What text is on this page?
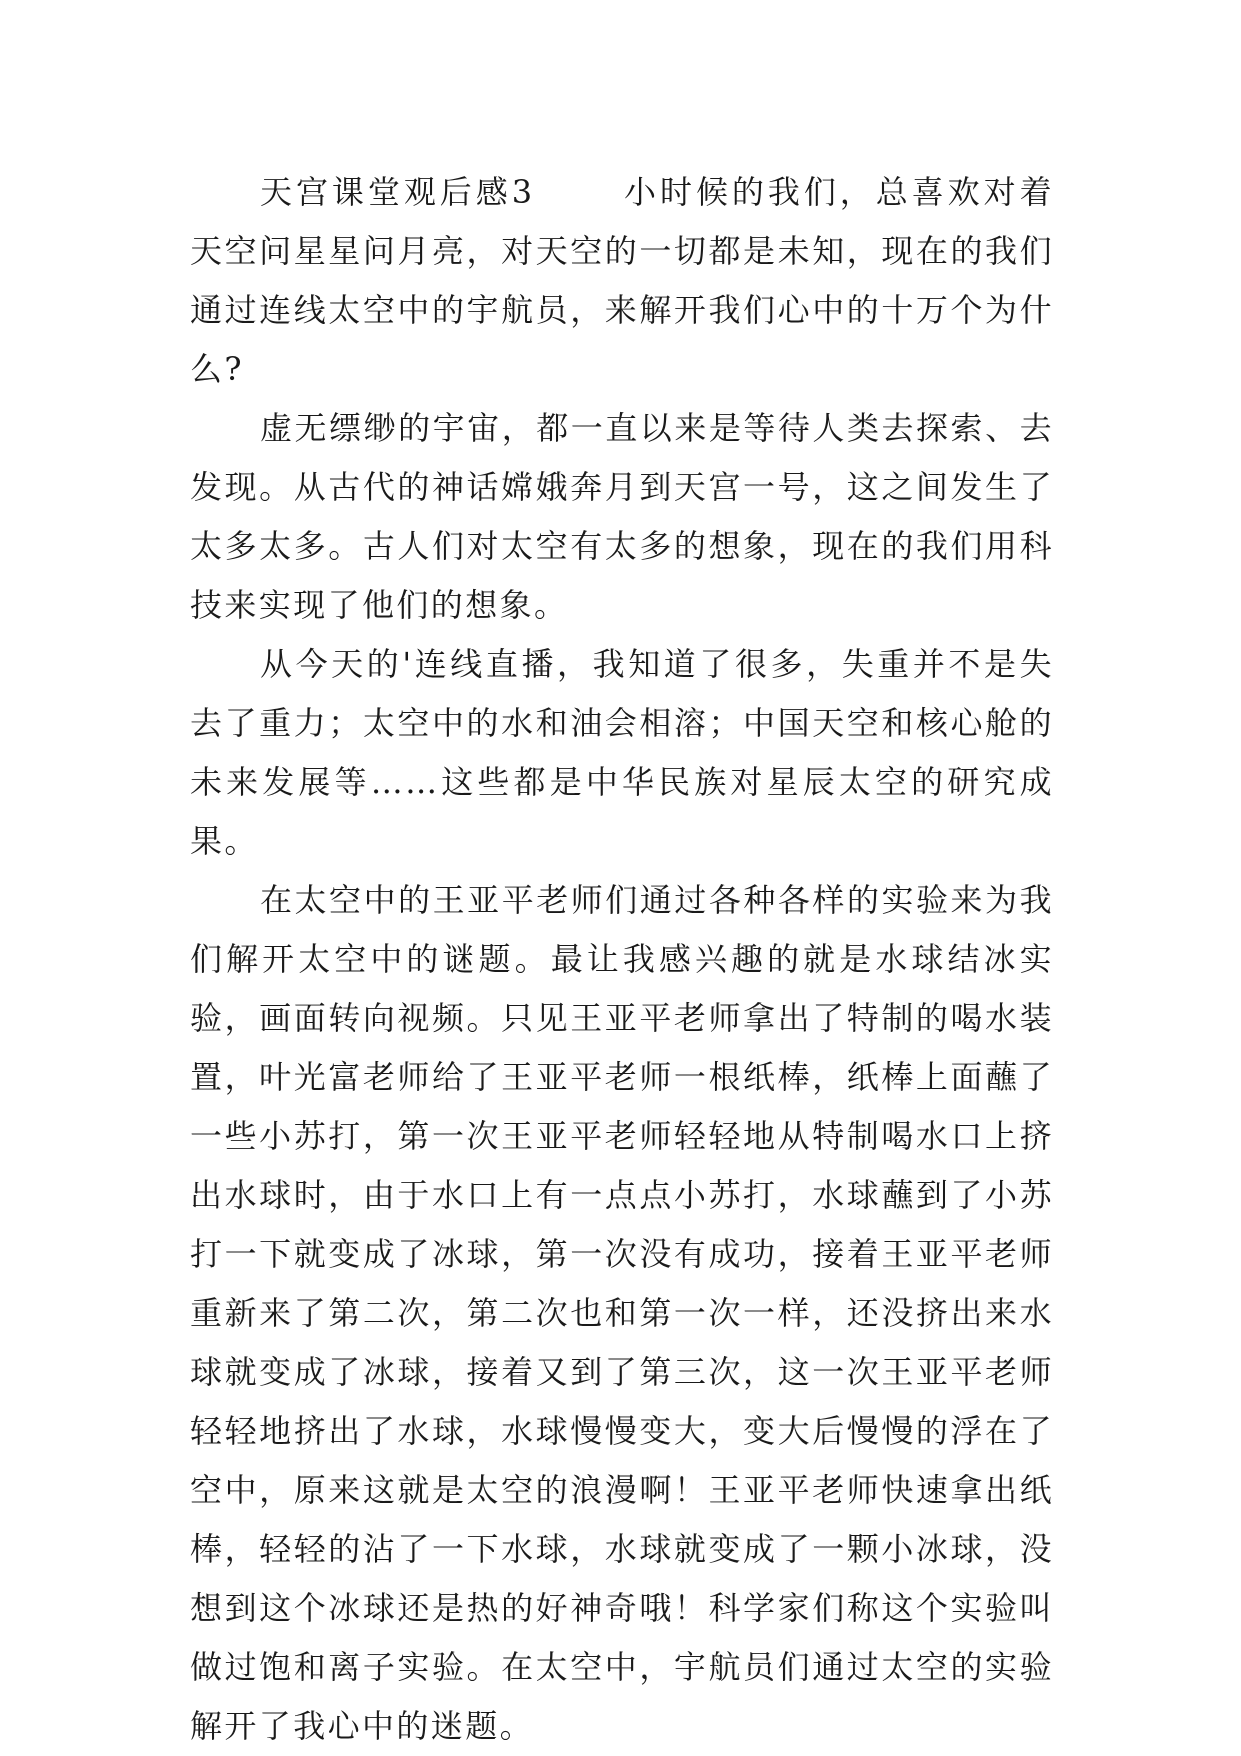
天宫课堂观后感3	小时候的我们，总喜欢对着天空问星星问月亮，对天空的一切都是未知，现在的我们通过连线太空中的宇航员，来解开我们心中的十万个为什么?

虚无缥缈的宇宙，都一直以来是等待人类去探索、去发现。从古代的神话嫦娥奔月到天宫一号，这之间发生了太多太多。古人们对太空有太多的想象，现在的我们用科技来实现了他们的想象。

从今天的'连线直播，我知道了很多，失重并不是失去了重力；太空中的水和油会相溶；中国天空和核心舱的未来发展等……这些都是中华民族对星辰太空的研究成果。

在太空中的王亚平老师们通过各种各样的实验来为我们解开太空中的谜题。最让我感兴趣的就是水球结冰实验，画面转向视频。只见王亚平老师拿出了特制的喝水装置，叶光富老师给了王亚平老师一根纸棒，纸棒上面蘸了一些小苏打，第一次王亚平老师轻轻地从特制喝水口上挤出水球时，由于水口上有一点点小苏打，水球蘸到了小苏打一下就变成了冰球，第一次没有成功，接着王亚平老师重新来了第二次，第二次也和第一次一样，还没挤出来水球就变成了冰球，接着又到了第三次，这一次王亚平老师轻轻地挤出了水球，水球慢慢变大，变大后慢慢的浮在了空中，原来这就是太空的浪漫啊！王亚平老师快速拿出纸棒，轻轻的沾了一下水球，水球就变成了一颗小冰球，没想到这个冰球还是热的好神奇哦！科学家们称这个实验叫做过饱和离子实验。在太空中，宇航员们通过太空的实验解开了我心中的迷题。
